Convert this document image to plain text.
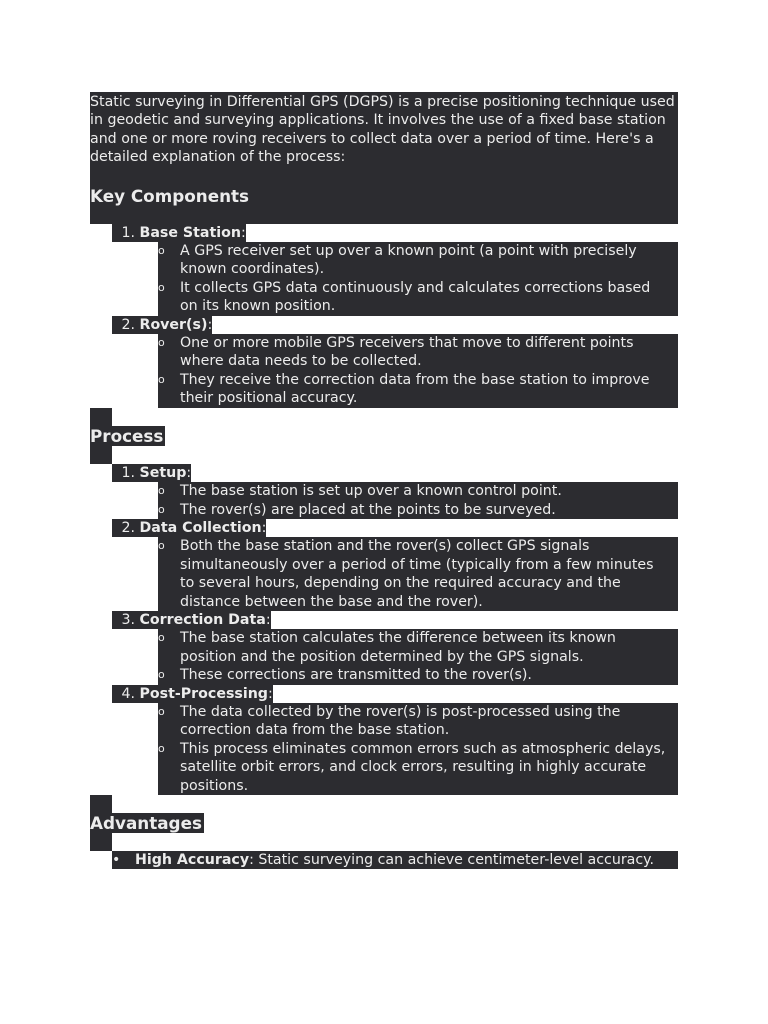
Static surveying in Differential GPS (DGPS) is a precise positioning technique used in geodetic and surveying applications. It involves the use of a fixed base station and one or more roving receivers to collect data over a period of time. Here's a detailed explanation of the process:

Key Components
1. Base Station:
o	A GPS receiver set up over a known point (a point with precisely known coordinates).
o	It collects GPS data continuously and calculates corrections based on its known position.
2. Rover(s):
o	One or more mobile GPS receivers that move to different points where data needs to be collected.
o	They receive the correction data from the base station to improve their positional accuracy.
Process
1. Setup:
o	The base station is set up over a known control point.
o	The rover(s) are placed at the points to be surveyed.
2. Data Collection:
o	Both the base station and the rover(s) collect GPS signals simultaneously over a period of time (typically from a few minutes to several hours, depending on the required accuracy and the distance between the base and the rover).
3. Correction Data:
o	The base station calculates the difference between its known position and the position determined by the GPS signals.
o	These corrections are transmitted to the rover(s).
4. Post-Processing:
o	The data collected by the rover(s) is post-processed using the correction data from the base station.
o	This process eliminates common errors such as atmospheric delays, satellite orbit errors, and clock errors, resulting in highly accurate positions.
Advantages
•	High Accuracy: Static surveying can achieve centimeter-level accuracy.
